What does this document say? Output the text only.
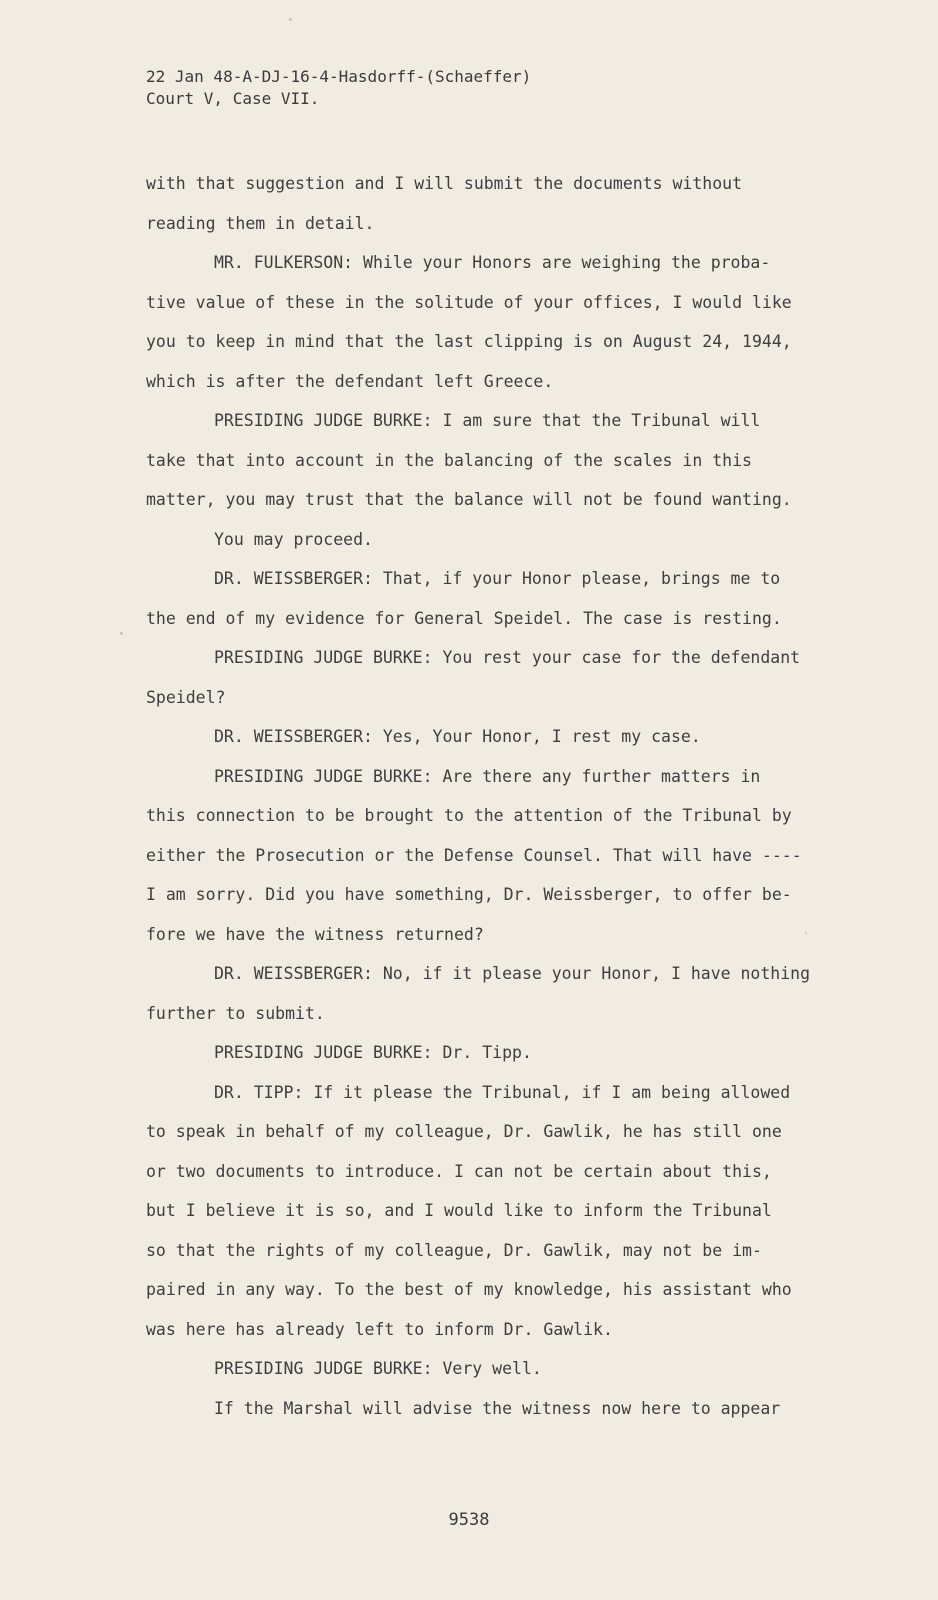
22 Jan 48-A-DJ-16-4-Hasdorff-(Schaeffer)
Court V, Case VII.

with that suggestion and I will submit the documents without

reading them in detail.

MR. FULKERSON: While your Honors are weighing the proba-

tive value of these in the solitude of your offices, I would like

you to keep in mind that the last clipping is on August 24, 1944,

which is after the defendant left Greece.

PRESIDING JUDGE BURKE: I am sure that the Tribunal will

take that into account in the balancing of the scales in this

matter, you may trust that the balance will not be found wanting.

You may proceed.

DR. WEISSBERGER: That, if your Honor please, brings me to

the end of my evidence for General Speidel. The case is resting.

PRESIDING JUDGE BURKE: You rest your case for the defendant

Speidel?

DR. WEISSBERGER: Yes, Your Honor, I rest my case.

PRESIDING JUDGE BURKE: Are there any further matters in

this connection to be brought to the attention of the Tribunal by

either the Prosecution or the Defense Counsel. That will have ----

I am sorry. Did you have something, Dr. Weissberger, to offer be-

fore we have the witness returned?

DR. WEISSBERGER: No, if it please your Honor, I have nothing

further to submit.

PRESIDING JUDGE BURKE: Dr. Tipp.

DR. TIPP: If it please the Tribunal, if I am being allowed

to speak in behalf of my colleague, Dr. Gawlik, he has still one

or two documents to introduce. I can not be certain about this,

but I believe it is so, and I would like to inform the Tribunal

so that the rights of my colleague, Dr. Gawlik, may not be im-

paired in any way. To the best of my knowledge, his assistant who

was here has already left to inform Dr. Gawlik.

PRESIDING JUDGE BURKE: Very well.

If the Marshal will advise the witness now here to appear

9538
